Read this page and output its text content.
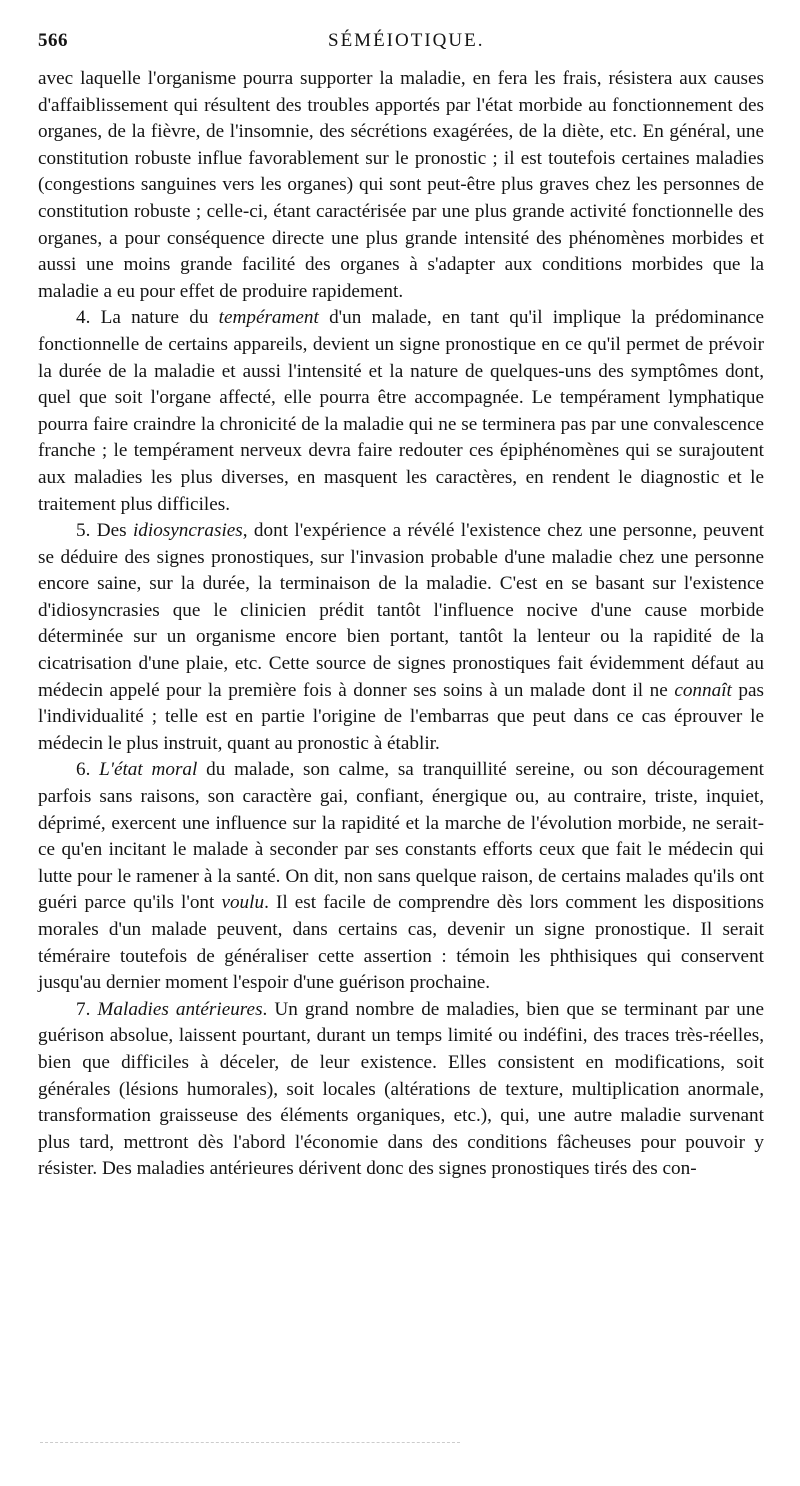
566	SÉMÉIOTIQUE.

avec laquelle l'organisme pourra supporter la maladie, en fera les frais, résistera aux causes d'affaiblissement qui résultent des troubles apportés par l'état morbide au fonctionnement des organes, de la fièvre, de l'insomnie, des sécrétions exagérées, de la diète, etc. En général, une constitution robuste influe favorablement sur le pronostic ; il est toutefois certaines maladies (congestions sanguines vers les organes) qui sont peut-être plus graves chez les personnes de constitution robuste ; celle-ci, étant caractérisée par une plus grande activité fonctionnelle des organes, a pour conséquence directe une plus grande intensité des phénomènes morbides et aussi une moins grande facilité des organes à s'adapter aux conditions morbides que la maladie a eu pour effet de produire rapidement.

4. La nature du tempérament d'un malade, en tant qu'il implique la prédominance fonctionnelle de certains appareils, devient un signe pronostique en ce qu'il permet de prévoir la durée de la maladie et aussi l'intensité et la nature de quelques-uns des symptômes dont, quel que soit l'organe affecté, elle pourra être accompagnée. Le tempérament lymphatique pourra faire craindre la chronicité de la maladie qui ne se terminera pas par une convalescence franche ; le tempérament nerveux devra faire redouter ces épiphénomènes qui se surajoutent aux maladies les plus diverses, en masquent les caractères, en rendent le diagnostic et le traitement plus difficiles.

5. Des idiosyncrasies, dont l'expérience a révélé l'existence chez une personne, peuvent se déduire des signes pronostiques, sur l'invasion probable d'une maladie chez une personne encore saine, sur la durée, la terminaison de la maladie. C'est en se basant sur l'existence d'idiosyncrasies que le clinicien prédit tantôt l'influence nocive d'une cause morbide déterminée sur un organisme encore bien portant, tantôt la lenteur ou la rapidité de la cicatrisation d'une plaie, etc. Cette source de signes pronostiques fait évidemment défaut au médecin appelé pour la première fois à donner ses soins à un malade dont il ne connaît pas l'individualité ; telle est en partie l'origine de l'embarras que peut dans ce cas éprouver le médecin le plus instruit, quant au pronostic à établir.

6. L'état moral du malade, son calme, sa tranquillité sereine, ou son découragement parfois sans raisons, son caractère gai, confiant, énergique ou, au contraire, triste, inquiet, déprimé, exercent une influence sur la rapidité et la marche de l'évolution morbide, ne serait-ce qu'en incitant le malade à seconder par ses constants efforts ceux que fait le médecin qui lutte pour le ramener à la santé. On dit, non sans quelque raison, de certains malades qu'ils ont guéri parce qu'ils l'ont voulu. Il est facile de comprendre dès lors comment les dispositions morales d'un malade peuvent, dans certains cas, devenir un signe pronostique. Il serait téméraire toutefois de généraliser cette assertion : témoin les phthisiques qui conservent jusqu'au dernier moment l'espoir d'une guérison prochaine.

7. Maladies antérieures. Un grand nombre de maladies, bien que se terminant par une guérison absolue, laissent pourtant, durant un temps limité ou indéfini, des traces très-réelles, bien que difficiles à déceler, de leur existence. Elles consistent en modifications, soit générales (lésions humorales), soit locales (altérations de texture, multiplication anormale, transformation graisseuse des éléments organiques, etc.), qui, une autre maladie survenant plus tard, mettront dès l'abord l'économie dans des conditions fâcheuses pour pouvoir y résister. Des maladies antérieures dérivent donc des signes pronostiques tirés des con-
